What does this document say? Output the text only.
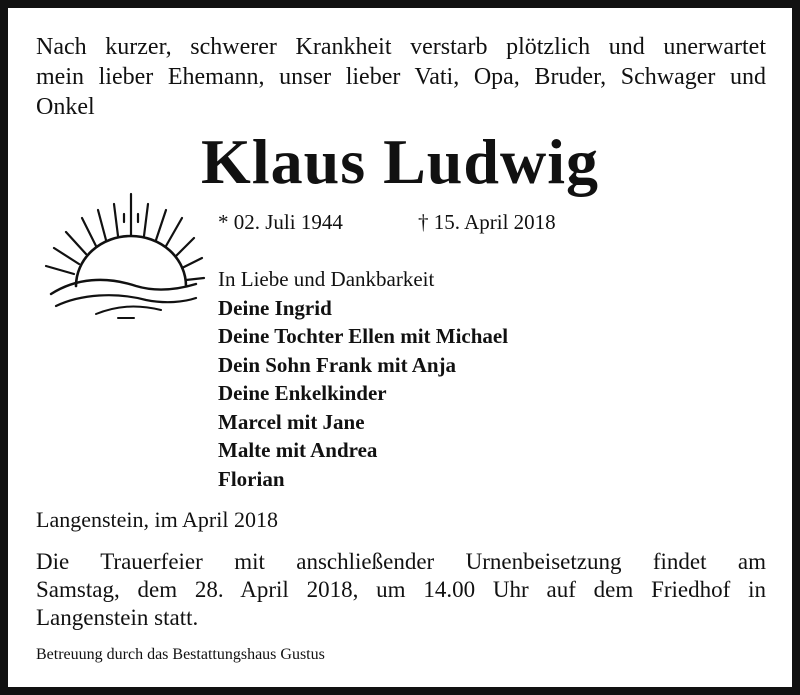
Nach kurzer, schwerer Krankheit verstarb plötzlich und unerwartet
mein lieber Ehemann, unser lieber Vati, Opa, Bruder, Schwager und
Onkel
Klaus Ludwig
* 02. Juli 1944	† 15. April 2018
In Liebe und Dankbarkeit
Deine Ingrid
Deine Tochter Ellen mit Michael
Dein Sohn Frank mit Anja
Deine Enkelkinder
Marcel mit Jane
Malte mit Andrea
Florian
Langenstein, im April 2018
Die Trauerfeier mit anschließender Urnenbeisetzung findet am
Samstag, dem 28. April 2018, um 14.00 Uhr auf dem Friedhof in
Langenstein statt.
Betreuung durch das Bestattungshaus Gustus
